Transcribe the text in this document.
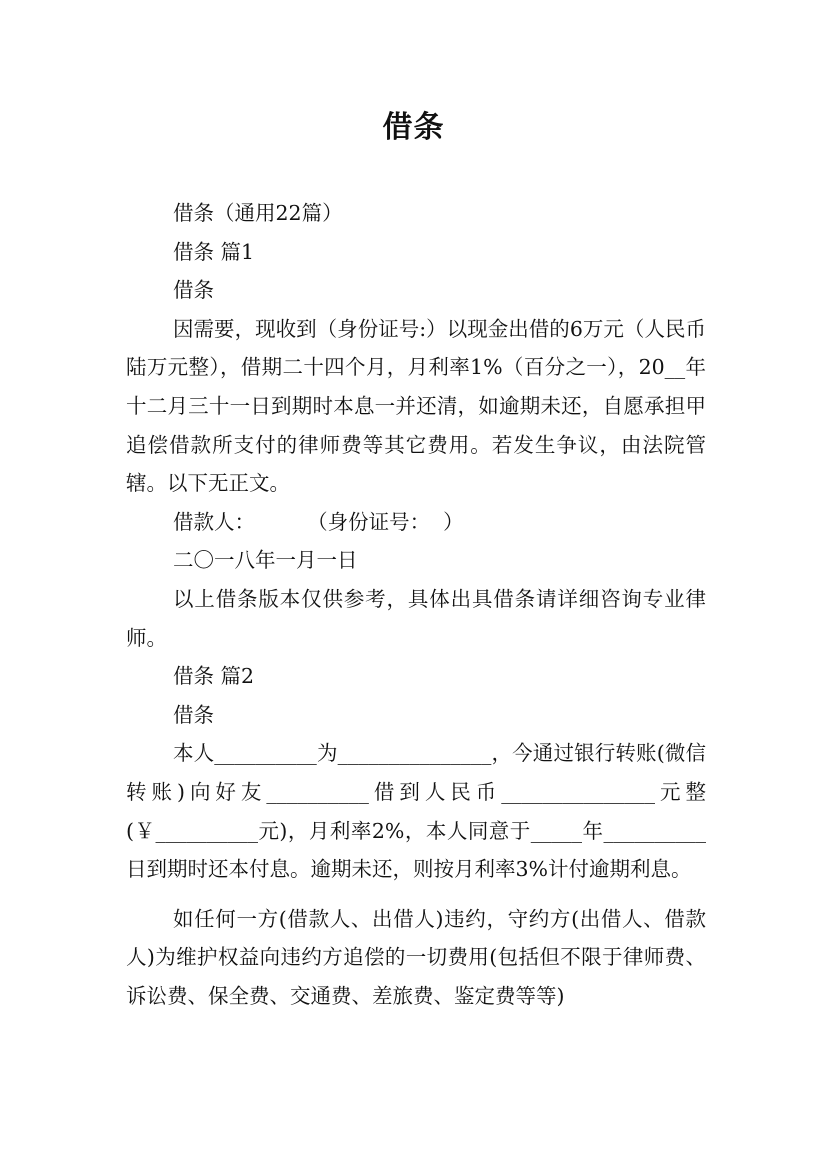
借条

借条（通用22篇）

借条 篇1

借条

因需要，现收到（身份证号:）以现金出借的6万元（人民币陆万元整），借期二十四个月，月利率1%（百分之一），20__年十二月三十一日到期时本息一并还清，如逾期未还，自愿承担甲追偿借款所支付的律师费等其它费用。若发生争议，由法院管辖。以下无正文。

借款人：        （身份证号：  ）

二〇一八年一月一日

以上借条版本仅供参考，具体出具借条请详细咨询专业律师。

借条 篇2

借条

本人__________为_______________，今通过银行转账(微信转账)向好友__________借到人民币_______________元整(￥__________元)，月利率2%，本人同意于_____年__________日到期时还本付息。逾期未还，则按月利率3%计付逾期利息。

如任何一方(借款人、出借人)违约，守约方(出借人、借款人)为维护权益向违约方追偿的一切费用(包括但不限于律师费、诉讼费、保全费、交通费、差旅费、鉴定费等等)
